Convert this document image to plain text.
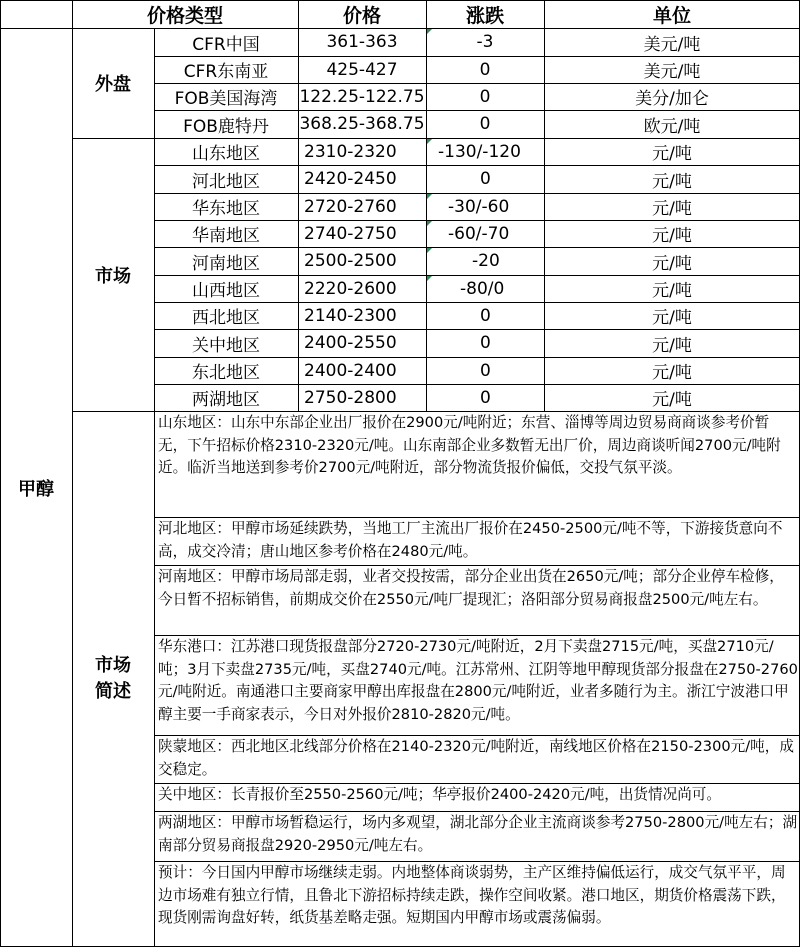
价格类型	价格	涨跌	单位
甲醇
外盘
市场
市场
简述
CFR中国	361-363	-3	美元/吨
CFR东南亚	425-427	0	美元/吨
FOB美国海湾	122.25-122.75	0	美分/加仑
FOB鹿特丹	368.25-368.75	0	欧元/吨
山东地区	2310-2320	-130/-120	元/吨
河北地区	2420-2450	0	元/吨
华东地区	2720-2760	-30/-60	元/吨
华南地区	2740-2750	-60/-70	元/吨
河南地区	2500-2500	-20	元/吨
山西地区	2220-2600	-80/0	元/吨
西北地区	2140-2300	0	元/吨
关中地区	2400-2550	0	元/吨
东北地区	2400-2400	0	元/吨
两湖地区	2750-2800	0	元/吨
山东地区：山东中东部企业出厂报价在2900元/吨附近；东营、淄博等周边贸易商商谈参考价暂无，下午招标价格2310-2320元/吨。山东南部企业多数暂无出厂价，周边商谈听闻2700元/吨附近。临沂当地送到参考价2700元/吨附近，部分物流货报价偏低，交投气氛平淡。
河北地区：甲醇市场延续跌势，当地工厂主流出厂报价在2450-2500元/吨不等，下游接货意向不高，成交冷清；唐山地区参考价格在2480元/吨。
河南地区：甲醇市场局部走弱，业者交投按需，部分企业出货在2650元/吨；部分企业停车检修，今日暂不招标销售，前期成交价在2550元/吨厂提现汇；洛阳部分贸易商报盘2500元/吨左右。
华东港口：江苏港口现货报盘部分2720-2730元/吨附近，2月下卖盘2715元/吨，买盘2710元/吨；3月下卖盘2735元/吨，买盘2740元/吨。江苏常州、江阴等地甲醇现货部分报盘在2750-2760元/吨附近。南通港口主要商家甲醇出库报盘在2800元/吨附近，业者多随行为主。浙江宁波港口甲醇主要一手商家表示，今日对外报价2810-2820元/吨。
陕蒙地区：西北地区北线部分价格在2140-2320元/吨附近，南线地区价格在2150-2300元/吨，成交稳定。
关中地区：长青报价至2550-2560元/吨；华亭报价2400-2420元/吨，出货情况尚可。
两湖地区：甲醇市场暂稳运行，场内多观望，湖北部分企业主流商谈参考2750-2800元/吨左右；湖南部分贸易商报盘2920-2950元/吨左右。
预计：今日国内甲醇市场继续走弱。内地整体商谈弱势，主产区维持偏低运行，成交气氛平平，周边市场难有独立行情，且鲁北下游招标持续走跌，操作空间收紧。港口地区，期货价格震荡下跌，现货刚需询盘好转，纸货基差略走强。短期国内甲醇市场或震荡偏弱。
